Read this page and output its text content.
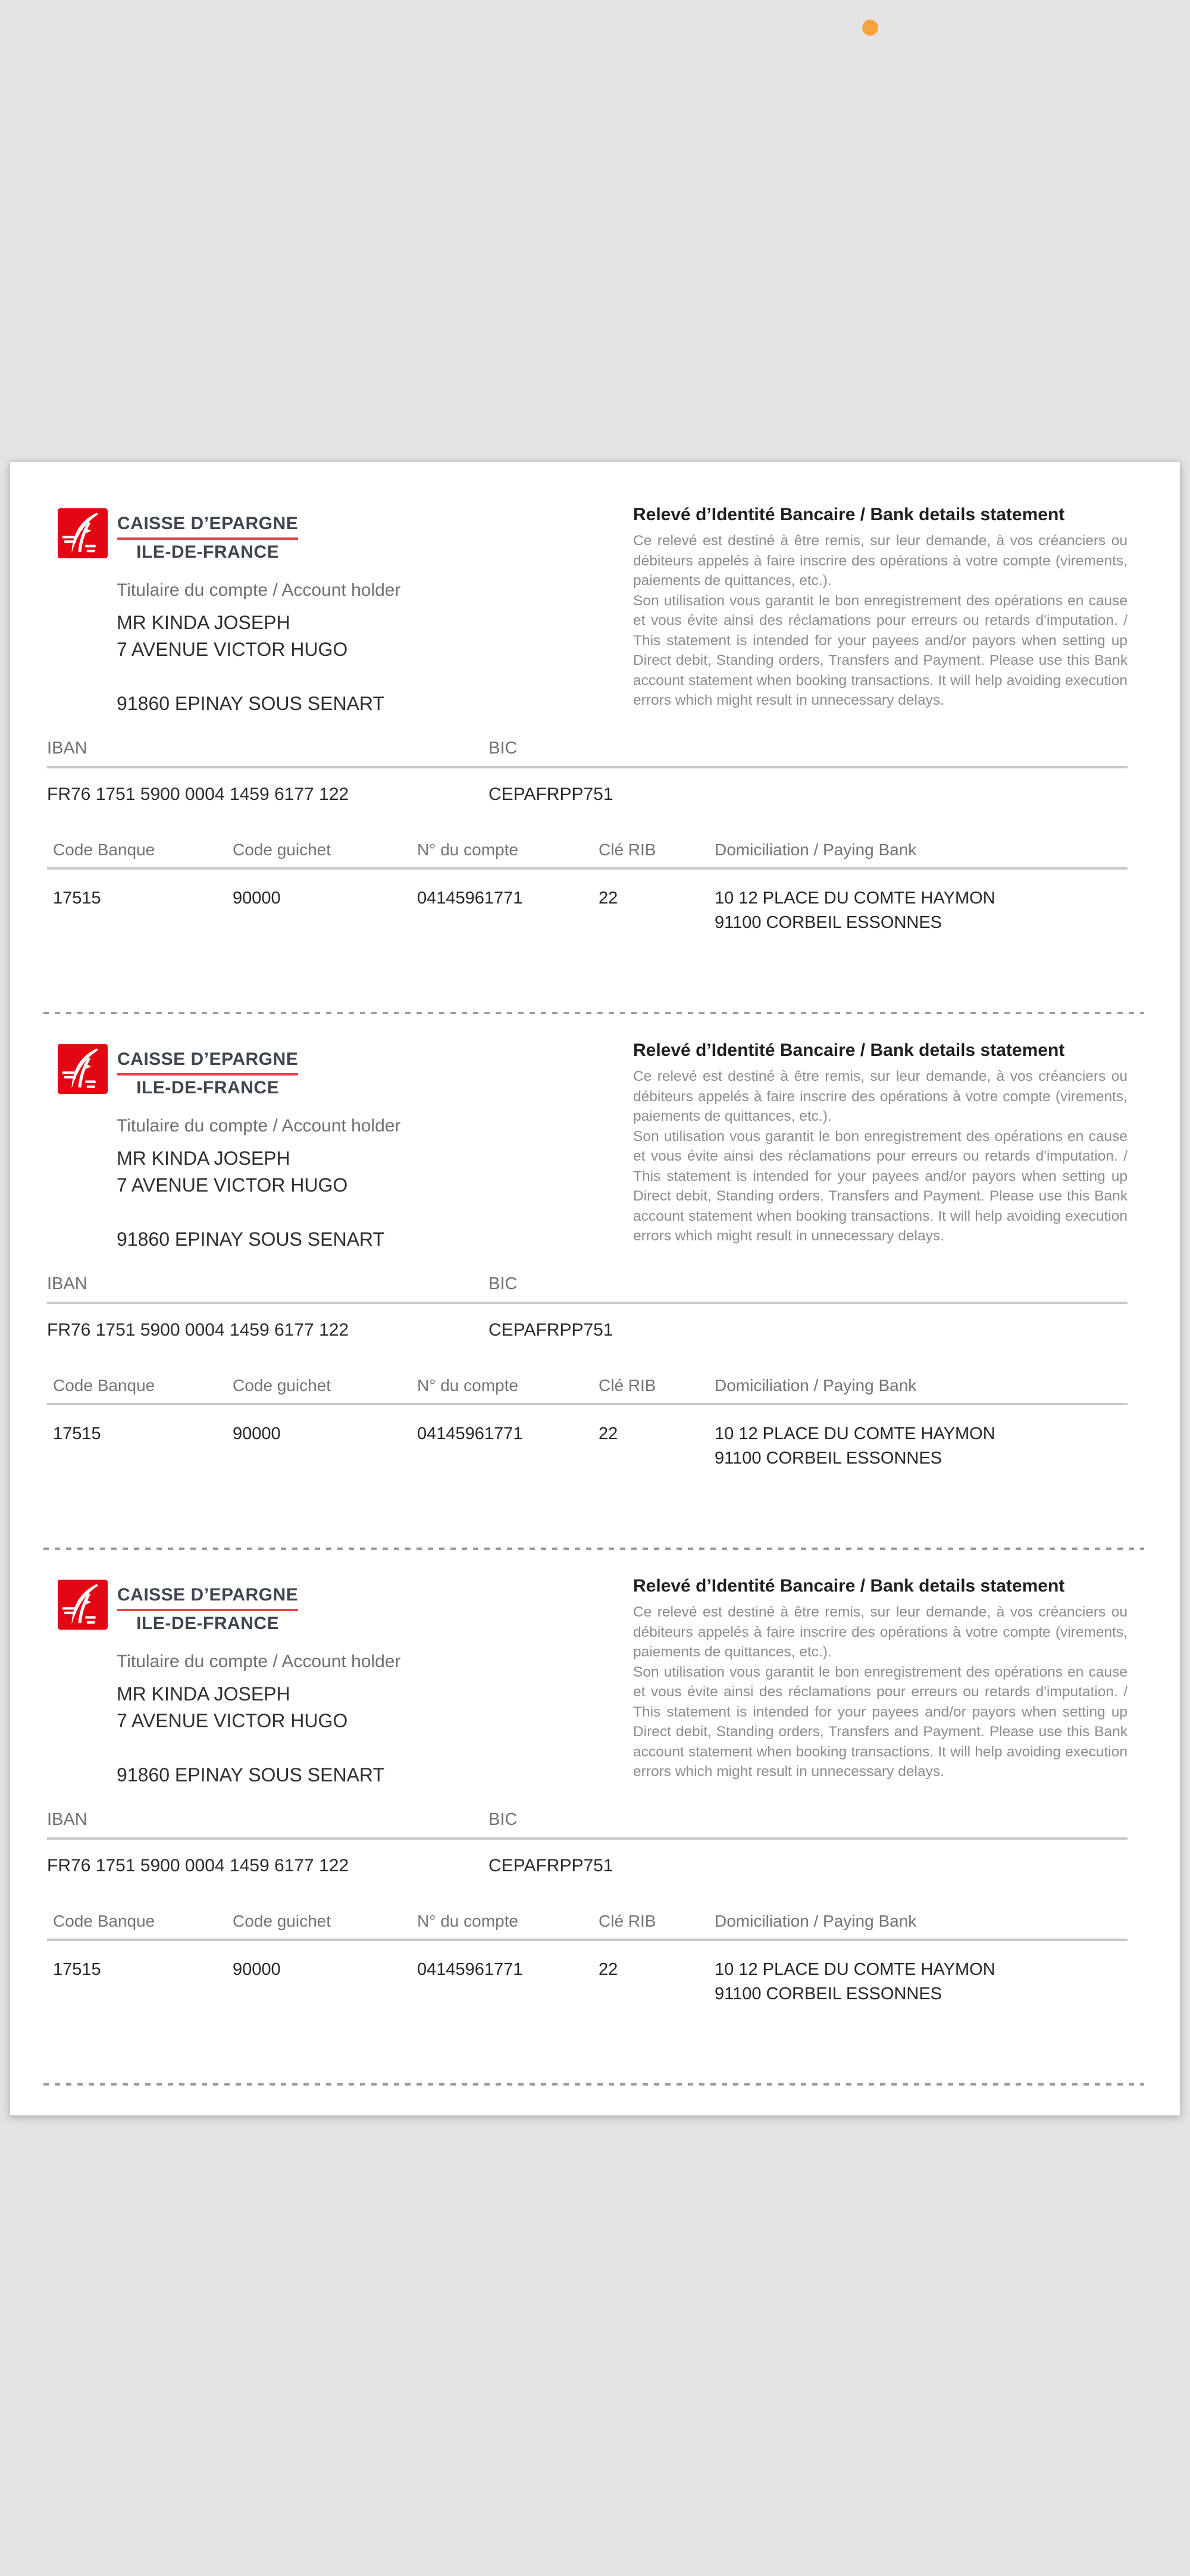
CAISSE D’EPARGNE
ILE-DE-FRANCE
Titulaire du compte / Account holder
MR KINDA JOSEPH
7 AVENUE VICTOR HUGO
91860 EPINAY SOUS SENART
Relevé d’Identité Bancaire / Bank details statement

Ce relevé est destiné à être remis, sur leur demande, à vos créanciers ou débiteurs appelés à faire inscrire des opérations à votre compte (virements, paiements de quittances, etc.).

Son utilisation vous garantit le bon enregistrement des opérations en cause et vous évite ainsi des réclamations pour erreurs ou retards d'imputation. / This statement is intended for your payees and/or payors when setting up Direct debit, Standing orders, Transfers and Payment. Please use this Bank account statement when booking transactions. It will help avoiding execution errors which might result in unnecessary delays.

IBAN	BIC
FR76 1751 5900 0004 1459 6177 122	CEPAFRPP751
Code Banque	Code guichet	N° du compte	Clé RIB	Domiciliation / Paying Bank
17515	90000	04145961771	22	10 12 PLACE DU COMTE HAYMON
91100 CORBEIL ESSONNES
CAISSE D’EPARGNE
ILE-DE-FRANCE
Titulaire du compte / Account holder
MR KINDA JOSEPH
7 AVENUE VICTOR HUGO
91860 EPINAY SOUS SENART
Relevé d’Identité Bancaire / Bank details statement

Ce relevé est destiné à être remis, sur leur demande, à vos créanciers ou débiteurs appelés à faire inscrire des opérations à votre compte (virements, paiements de quittances, etc.).

Son utilisation vous garantit le bon enregistrement des opérations en cause et vous évite ainsi des réclamations pour erreurs ou retards d'imputation. / This statement is intended for your payees and/or payors when setting up Direct debit, Standing orders, Transfers and Payment. Please use this Bank account statement when booking transactions. It will help avoiding execution errors which might result in unnecessary delays.

IBAN	BIC
FR76 1751 5900 0004 1459 6177 122	CEPAFRPP751
Code Banque	Code guichet	N° du compte	Clé RIB	Domiciliation / Paying Bank
17515	90000	04145961771	22	10 12 PLACE DU COMTE HAYMON
91100 CORBEIL ESSONNES
CAISSE D’EPARGNE
ILE-DE-FRANCE
Titulaire du compte / Account holder
MR KINDA JOSEPH
7 AVENUE VICTOR HUGO
91860 EPINAY SOUS SENART
Relevé d’Identité Bancaire / Bank details statement

Ce relevé est destiné à être remis, sur leur demande, à vos créanciers ou débiteurs appelés à faire inscrire des opérations à votre compte (virements, paiements de quittances, etc.).

Son utilisation vous garantit le bon enregistrement des opérations en cause et vous évite ainsi des réclamations pour erreurs ou retards d'imputation. / This statement is intended for your payees and/or payors when setting up Direct debit, Standing orders, Transfers and Payment. Please use this Bank account statement when booking transactions. It will help avoiding execution errors which might result in unnecessary delays.

IBAN	BIC
FR76 1751 5900 0004 1459 6177 122	CEPAFRPP751
Code Banque	Code guichet	N° du compte	Clé RIB	Domiciliation / Paying Bank
17515	90000	04145961771	22	10 12 PLACE DU COMTE HAYMON
91100 CORBEIL ESSONNES
